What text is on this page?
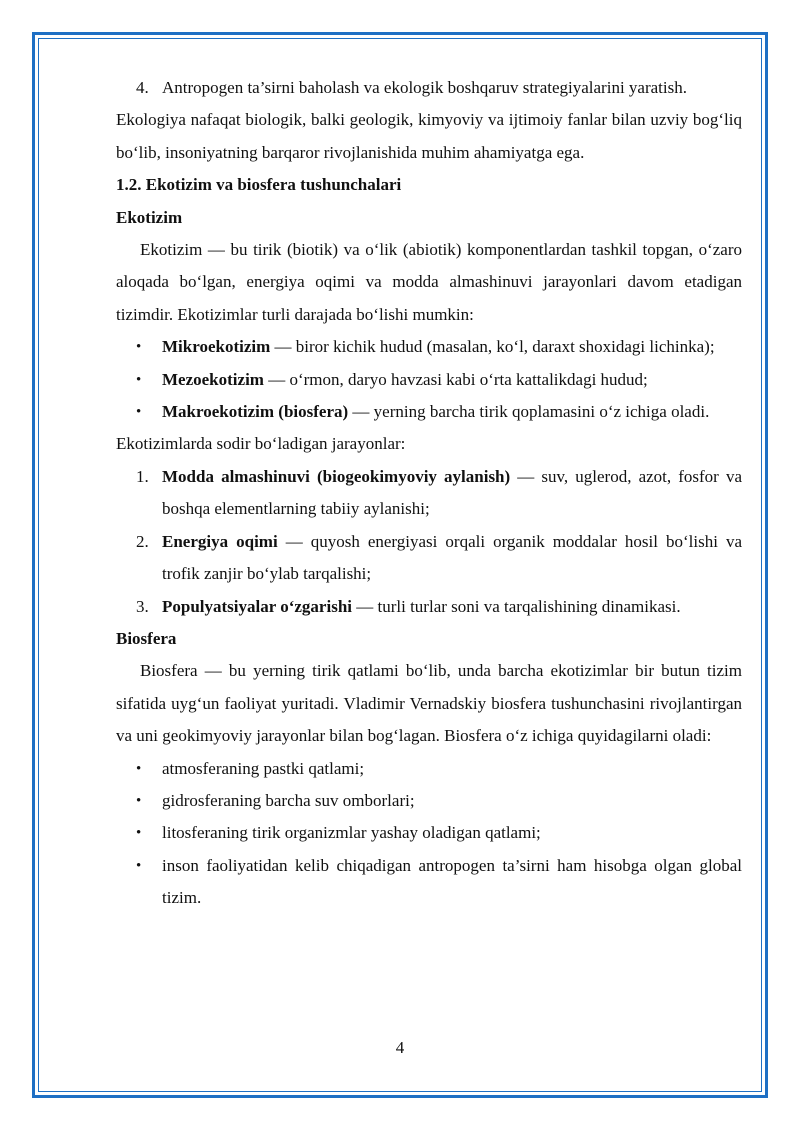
4. Antropogen ta’sirni baholash va ekologik boshqaruv strategiyalarini yaratish.

Ekologiya nafaqat biologik, balki geologik, kimyoviy va ijtimoiy fanlar bilan uzviy bog‘liq bo‘lib, insoniyatning barqaror rivojlanishida muhim ahamiyatga ega.

1.2. Ekotizim va biosfera tushunchalari

Ekotizim

Ekotizim — bu tirik (biotik) va o‘lik (abiotik) komponentlardan tashkil topgan, o‘zaro aloqada bo‘lgan, energiya oqimi va modda almashinuvi jarayonlari davom etadigan tizimdir. Ekotizimlar turli darajada bo‘lishi mumkin:

• Mikroekotizim — biror kichik hudud (masalan, ko‘l, daraxt shoxidagi lichinka);
• Mezoekotizim — o‘rmon, daryo havzasi kabi o‘rta kattalikdagi hudud;
• Makroekotizim (biosfera) — yerning barcha tirik qoplamasini o‘z ichiga oladi.

Ekotizimlarda sodir bo‘ladigan jarayonlar:

1. Modda almashinuvi (biogeokimyoviy aylanish) — suv, uglerod, azot, fosfor va boshqa elementlarning tabiiy aylanishi;
2. Energiya oqimi — quyosh energiyasi orqali organik moddalar hosil bo‘lishi va trofik zanjir bo‘ylab tarqalishi;
3. Populyatsiyalar o‘zgarishi — turli turlar soni va tarqalishining dinamikasi.

Biosfera

Biosfera — bu yerning tirik qatlami bo‘lib, unda barcha ekotizimlar bir butun tizim sifatida uyg‘un faoliyat yuritadi. Vladimir Vernadskiy biosfera tushunchasini rivojlantirgan va uni geokimyoviy jarayonlar bilan bog‘lagan. Biosfera o‘z ichiga quyidagilarni oladi:

• atmosferaning pastki qatlami;
• gidrosferaning barcha suv omborlari;
• litosferaning tirik organizmlar yashay oladigan qatlami;
• inson faoliyatidan kelib chiqadigan antropogen ta’sirni ham hisobga olgan global tizim.
4
